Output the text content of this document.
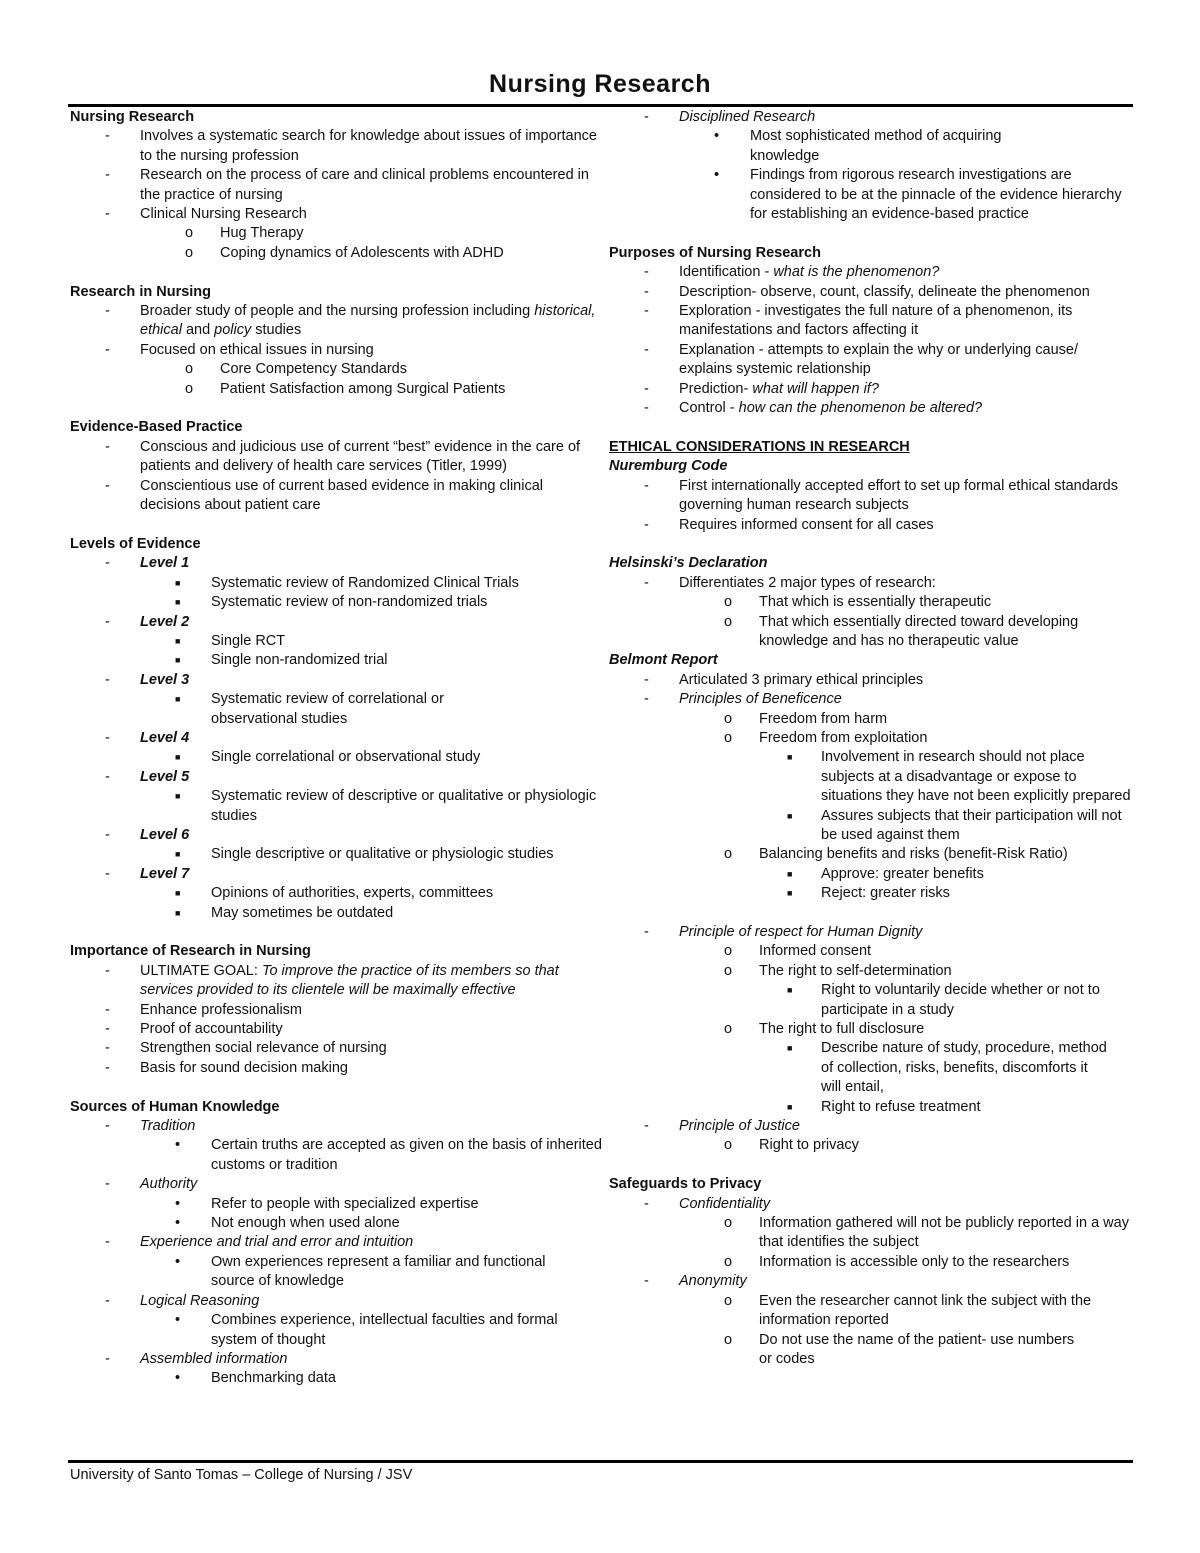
Nursing Research
Nursing Research
- Involves a systematic search for knowledge about issues of importance to the nursing profession
- Research on the process of care and clinical problems encountered in the practice of nursing
- Clinical Nursing Research
o Hug Therapy
o Coping dynamics of Adolescents with ADHD
Research in Nursing
- Broader study of people and the nursing profession including historical, ethical and policy studies
- Focused on ethical issues in nursing
o Core Competency Standards
o Patient Satisfaction among Surgical Patients
Evidence-Based Practice
- Conscious and judicious use of current “best” evidence in the care of patients and delivery of health care services (Titler, 1999)
- Conscientious use of current based evidence in making clinical decisions about patient care
Levels of Evidence
- Level 1
■ Systematic review of Randomized Clinical Trials
■ Systematic review of non-randomized trials
- Level 2
■ Single RCT
■ Single non-randomized trial
- Level 3
■ Systematic review of correlational or observational studies
- Level 4
■ Single correlational or observational study
- Level 5
■ Systematic review of descriptive or qualitative or physiologic studies
- Level 6
■ Single descriptive or qualitative or physiologic studies
- Level 7
■ Opinions of authorities, experts, committees
■ May sometimes be outdated
Importance of Research in Nursing
- ULTIMATE GOAL: To improve the practice of its members so that services provided to its clientele will be maximally effective
- Enhance professionalism
- Proof of accountability
- Strengthen social relevance of nursing
- Basis for sound decision making
Sources of Human Knowledge
- Tradition
• Certain truths are accepted as given on the basis of inherited customs or tradition
- Authority
• Refer to people with specialized expertise
• Not enough when used alone
- Experience and trial and error and intuition
• Own experiences represent a familiar and functional source of knowledge
- Logical Reasoning
• Combines experience, intellectual faculties and formal system of thought
- Assembled information
• Benchmarking data
- Disciplined Research
• Most sophisticated method of acquiring knowledge
• Findings from rigorous research investigations are considered to be at the pinnacle of the evidence hierarchy for establishing an evidence-based practice
Purposes of Nursing Research
- Identification - what is the phenomenon?
- Description- observe, count, classify, delineate the phenomenon
- Exploration - investigates the full nature of a phenomenon, its manifestations and factors affecting it
- Explanation - attempts to explain the why or underlying cause/ explains systemic relationship
- Prediction- what will happen if?
- Control - how can the phenomenon be altered?
ETHICAL CONSIDERATIONS IN RESEARCH
Nuremburg Code
- First internationally accepted effort to set up formal ethical standards governing human research subjects
- Requires informed consent for all cases
Helsinski’s Declaration
- Differentiates 2 major types of research:
o That which is essentially therapeutic
o That which essentially directed toward developing knowledge and has no therapeutic value
Belmont Report
- Articulated 3 primary ethical principles
- Principles of Beneficence
o Freedom from harm
o Freedom from exploitation
■ Involvement in research should not place subjects at a disadvantage or expose to situations they have not been explicitly prepared
■ Assures subjects that their participation will not be used against them
o Balancing benefits and risks (benefit-Risk Ratio)
■ Approve: greater benefits
■ Reject: greater risks
- Principle of respect for Human Dignity
o Informed consent
o The right to self-determination
■ Right to voluntarily decide whether or not to participate in a study
o The right to full disclosure
■ Describe nature of study, procedure, method of collection, risks, benefits, discomforts it will entail,
■ Right to refuse treatment
- Principle of Justice
o Right to privacy
Safeguards to Privacy
- Confidentiality
o Information gathered will not be publicly reported in a way that identifies the subject
o Information is accessible only to the researchers
- Anonymity
o Even the researcher cannot link the subject with the information reported
o Do not use the name of the patient- use numbers or codes
University of Santo Tomas – College of Nursing / JSV
